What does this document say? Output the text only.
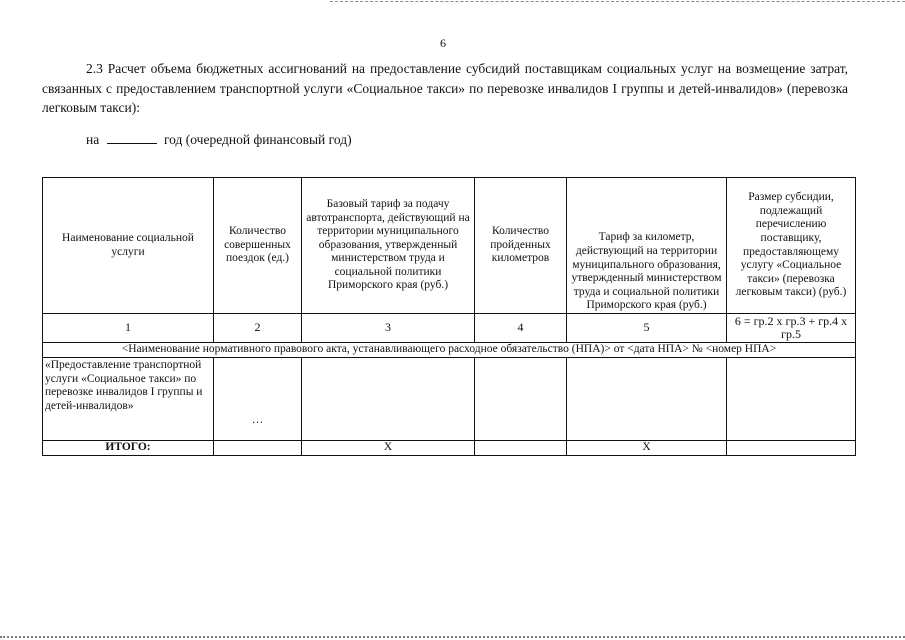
6

2.3 Расчет объема бюджетных ассигнований на предоставление субсидий поставщикам социальных услуг на возмещение затрат, связанных с предоставлением транспортной услуги «Социальное такси» по перевозке инвалидов I группы и детей-инвалидов» (перевозка легковым такси):

на	год (очередной финансовый год)
Наименование социальной услуги	Количество совершенных поездок (ед.)	Базовый тариф за подачу автотранспорта, действующий на территории муниципального образования, утвержденный министерством труда и социальной политики Приморского края (руб.)	Количество пройденных километров	Тариф за километр, действующий на территории муниципального образования, утвержденный министерством труда и социальной политики Приморского края (руб.)	Размер субсидии, подлежащий перечислению поставщику, предоставляющему услугу «Социальное такси» (перевозка легковым такси) (руб.)
1	2	3	4	5	6 = гр.2 х гр.3 + гр.4 х гр.5
<Наименование нормативного правового акта, устанавливающего расходное обязательство (НПА)> от <дата НПА> № <номер НПА>					
«Предоставление транспортной услуги «Социальное такси» по перевозке инвалидов I группы и детей-инвалидов»	…				
ИТОГО:		Х		Х	
